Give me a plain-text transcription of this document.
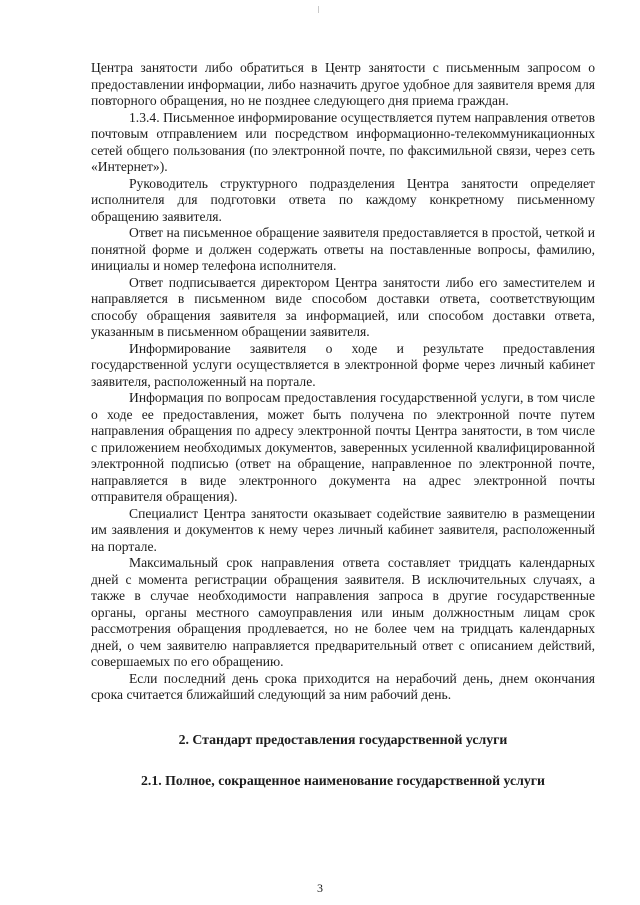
Центра занятости либо обратиться в Центр занятости с письменным запросом о предоставлении информации, либо назначить другое удобное для заявителя время для повторного обращения, но не позднее следующего дня приема граждан.

1.3.4. Письменное информирование осуществляется путем направления ответов почтовым отправлением или посредством информационно-телекоммуникационных сетей общего пользования (по электронной почте, по факсимильной связи, через сеть «Интернет»).

Руководитель структурного подразделения Центра занятости определяет исполнителя для подготовки ответа по каждому конкретному письменному обращению заявителя.

Ответ на письменное обращение заявителя предоставляется в простой, четкой и понятной форме и должен содержать ответы на поставленные вопросы, фамилию, инициалы и номер телефона исполнителя.

Ответ подписывается директором Центра занятости либо его заместителем и направляется в письменном виде способом доставки ответа, соответствующим способу обращения заявителя за информацией, или способом доставки ответа, указанным в письменном обращении заявителя.

Информирование заявителя о ходе и результате предоставления государственной услуги осуществляется в электронной форме через личный кабинет заявителя, расположенный на портале.

Информация по вопросам предоставления государственной услуги, в том числе о ходе ее предоставления, может быть получена по электронной почте путем направления обращения по адресу электронной почты Центра занятости, в том числе с приложением необходимых документов, заверенных усиленной квалифицированной электронной подписью (ответ на обращение, направленное по электронной почте, направляется в виде электронного документа на адрес электронной почты отправителя обращения).

Специалист Центра занятости оказывает содействие заявителю в размещении им заявления и документов к нему через личный кабинет заявителя, расположенный на портале.

Максимальный срок направления ответа составляет тридцать календарных дней с момента регистрации обращения заявителя. В исключительных случаях, а также в случае необходимости направления запроса в другие государственные органы, органы местного самоуправления или иным должностным лицам срок рассмотрения обращения продлевается, но не более чем на тридцать календарных дней, о чем заявителю направляется предварительный ответ с описанием действий, совершаемых по его обращению.

Если последний день срока приходится на нерабочий день, днем окончания срока считается ближайший следующий за ним рабочий день.

2. Стандарт предоставления государственной услуги

2.1. Полное, сокращенное наименование государственной услуги

3
